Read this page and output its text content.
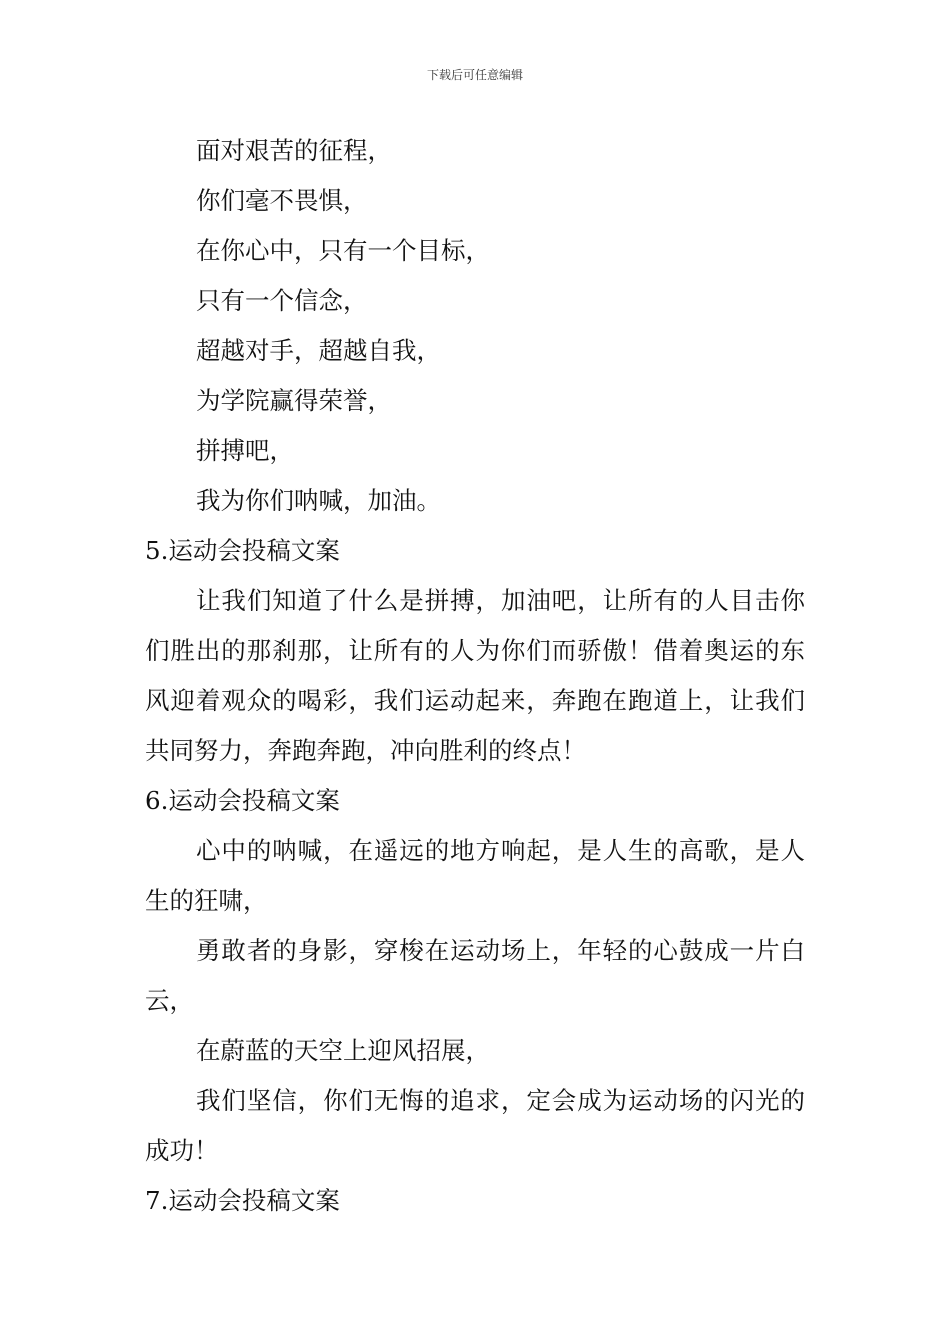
下载后可任意编辑

面对艰苦的征程，

你们毫不畏惧，

在你心中，只有一个目标，

只有一个信念，

超越对手，超越自我，

为学院赢得荣誉，

拼搏吧，

我为你们呐喊，加油。

5.运动会投稿文案

让我们知道了什么是拼搏，加油吧，让所有的人目击你们胜出的那刹那，让所有的人为你们而骄傲！借着奥运的东风迎着观众的喝彩，我们运动起来，奔跑在跑道上，让我们共同努力，奔跑奔跑，冲向胜利的终点！

6.运动会投稿文案

心中的呐喊，在遥远的地方响起，是人生的高歌，是人生的狂啸，

勇敢者的身影，穿梭在运动场上，年轻的心鼓成一片白云，

在蔚蓝的天空上迎风招展，

我们坚信，你们无悔的追求，定会成为运动场的闪光的成功！

7.运动会投稿文案
